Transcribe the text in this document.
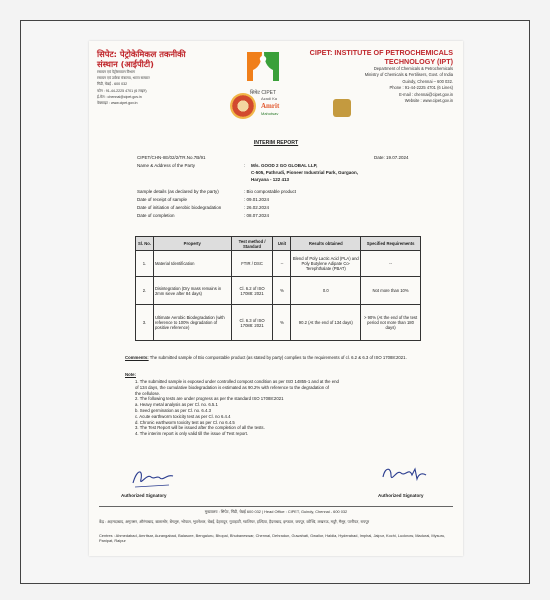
सिपेट: पेट्रोकेमिकल तकनीकी
संस्थान (आईपीटी)
रसायन एवं पेट्रोरसायन विभाग
रसायन एवं उर्वरक मंत्रालय, भारत सरकार
गिंडी, चेन्नई - 600 032
फोन : 91-44-2225 4701 (6 लाइन)
ई-मेल : chennai@cipet.gov.in
वेबसाइट : www.cipet.gov.in
सिपेट CIPET
Azadi Ka
Amrit
Mahotsav
CIPET: INSTITUTE OF PETROCHEMICALS
TECHNOLOGY (IPT)
Department of Chemicals & Petrochemicals
Ministry of Chemicals & Fertilisers, Govt. of India
Guindy, Chennai – 600 032.
Phone : 91-44-2225 4701 (6 Lines)
E-mail : chennai@cipet.gov.in
Website : www.cipet.gov.in
INTERIM REPORT
CIPET/CHN-IIE/02/2/TR.No.7B/91	Date: 19.07.2024
Name & Address of the Party	: M/s. GOOD 2 GO GLOBAL LLP,
C-505, Pathrudi, Pioneer Industrial Park, Gurgaon,
Haryana - 122 413
Sample details (as declared by the party)	: Bio compostable product
Date of receipt of sample	: 09.01.2024
Date of initiation of aerobic biodegradation	: 26.02.2024
Date of completion	: 08.07.2024
Sl. No.	Property	Test method / Standard	Unit	Results obtained	Specified Requirements
1.	Material Identification	FTIR / DSC	--	Blend of Poly Lactic Acid (PLA) and Poly Butylene Adipate Co-Terephthalate (PBAT)	--
2.	Disintegration (Dry mass remains in 2mm sieve after 84 days)	Cl. 6.2 of ISO 17088: 2021	%	0.0	Not more than 10%
3.	Ultimate Aerobic Biodegradation (with reference to 100% degradation of positive reference)	Cl. 6.3 of ISO 17088: 2021	%	90.2 (At the end of 134 days)	> 90% (At the end of the test period not more than 180 days)
Comments: The submitted sample of Bio compostable product (as stated by party) complies to the requirements of cl. 6.2 & 6.3 of ISO 17088:2021.
Note:
1. The submitted sample is exposed under controlled compost condition as per ISO 14855-1 and at the end
of 134 days, the cumulative biodegradation is estimated as 90.2% with reference to the degradation of
the cellulose.
2. The following tests are under progress as per the standard ISO 17088:2021
a. Heavy metal analysis as per Cl. no. 6.5.1
b. Seed germination as per Cl. no. 6.4.3
c. Acute earthworm toxicity test as per Cl. no 6.4.4
d. Chronic earthworm toxicity test as per Cl. no 6.4.5
3. The Test Report will be issued after the completion of all the tests.
4. The interim report is only valid till the issue of Test report.
Authorized Signatory	Authorized Signatory
मुख्यालय : सिपेट, गिंडी, चेन्नई 600 032 | Head Office : CIPET, Guindy, Chennai - 600 032
केंद्र : अहमदाबाद, अमृतसर, औरंगाबाद, बालासोर, बेंगलुरु, भोपाल, भुवनेश्वर, चेन्नई, देहरादून, गुवाहाटी, ग्वालियर, हल्दिया, हैदराबाद, इम्फाल, जयपुर, कोच्चि, लखनऊ, मदुरै, मैसूर, पानीपत, रायपुर
Centres : Ahmedabad, Amritsar, Aurangabad, Balasore, Bengaluru, Bhopal, Bhubaneswar, Chennai, Dehradun, Guwahati, Gwalior, Haldia, Hyderabad, Imphal, Jaipur, Kochi, Lucknow, Madurai, Mysuru, Panipat, Raipur
